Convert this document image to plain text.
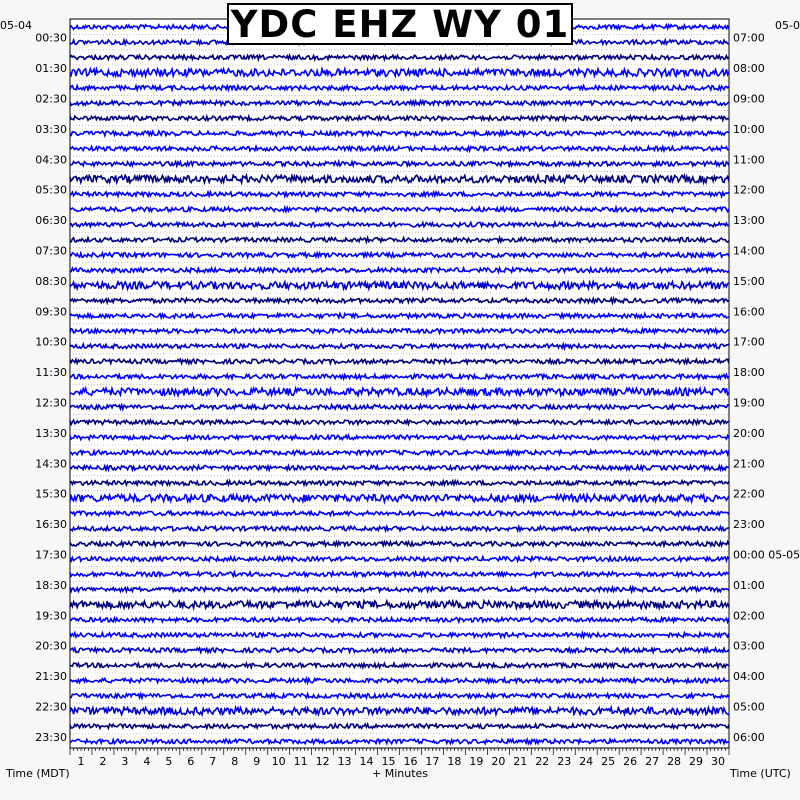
00:30
01:30
02:30
03:30
04:30
05:30
06:30
07:30
08:30
09:30
10:30
11:30
12:30
13:30
14:30
15:30
16:30
17:30
18:30
19:30
20:30
21:30
22:30
23:30
07:00
08:00
09:00
10:00
11:00
12:00
13:00
14:00
15:00
16:00
17:00
18:00
19:00
20:00
21:00
22:00
23:00
00:00 05-05
01:00
02:00
03:00
04:00
05:00
06:00
1 2 3 4 5 6 7 8 9 10 11 12 13 14 15 16 17 18 19 20 21 22 23 24 25 26 27 28 29 30
Time (MDT)	+ Minutes	Time (UTC)
05-04	05-0
YDC EHZ WY 01
